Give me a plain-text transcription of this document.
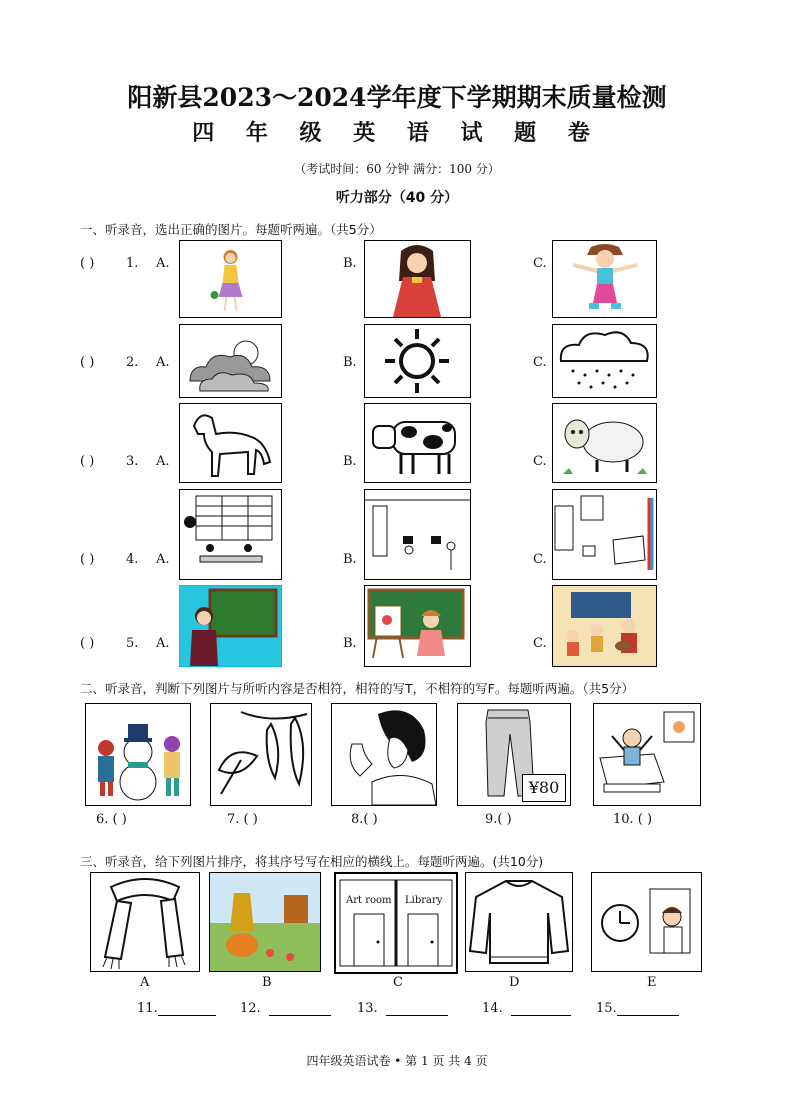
阳新县2023～2024学年度下学期期末质量检测
四 年 级 英 语 试 题 卷
（考试时间：60 分钟 满分：100 分）
听力部分（40 分）
一、听录音，选出正确的图片。每题听两遍。（共5分）
( ) 1. A.	B.	C.
( ) 2. A.	B.	C.
( ) 3. A.	B.	C.
( ) 4. A.	B.	C.
( ) 5. A.	B.	C.
二、听录音，判断下列图片与所听内容是否相符，相符的写T，不相符的写F。每题听两遍。（共5分）
¥80
6. ( )	7. ( )	8.( )	9.( )	10. ( )
三、听录音，给下列图片排序，将其序号写在相应的横线上。每题听两遍。(共10分)
Art room Library
A	B	C	D	E
11.	12.	13.	14.	15.
四年级英语试卷 • 第 1 页 共 4 页
